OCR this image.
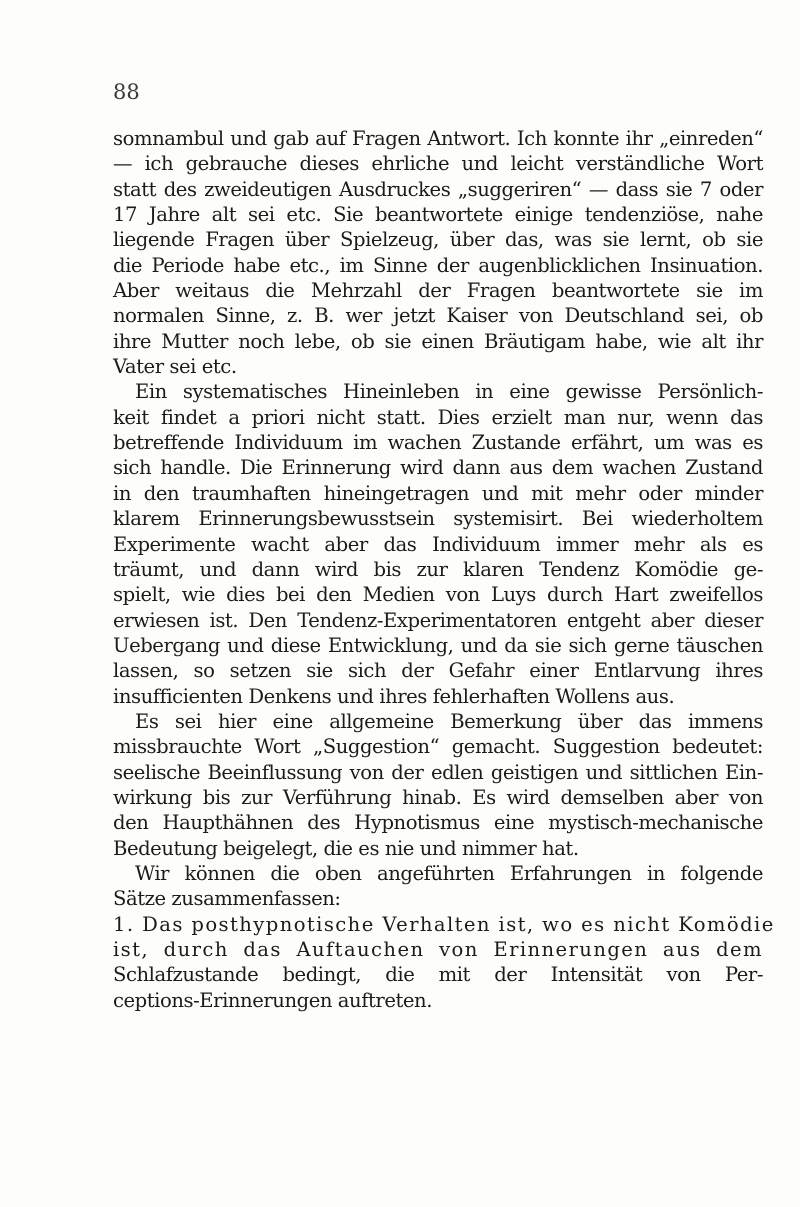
88

somnambul und gab auf Fragen Antwort. Ich konnte ihr „einreden“
— ich gebrauche dieses ehrliche und leicht verständliche Wort
statt des zweideutigen Ausdruckes „suggeriren“ — dass sie 7 oder
17 Jahre alt sei etc. Sie beantwortete einige tendenziöse, nahe
liegende Fragen über Spielzeug, über das, was sie lernt, ob sie
die Periode habe etc., im Sinne der augenblicklichen Insinuation.
Aber weitaus die Mehrzahl der Fragen beantwortete sie im
normalen Sinne, z. B. wer jetzt Kaiser von Deutschland sei, ob
ihre Mutter noch lebe, ob sie einen Bräutigam habe, wie alt ihr
Vater sei etc.
Ein systematisches Hineinleben in eine gewisse Persönlich-
keit findet a priori nicht statt. Dies erzielt man nur, wenn das
betreffende Individuum im wachen Zustande erfährt, um was es
sich handle. Die Erinnerung wird dann aus dem wachen Zustand
in den traumhaften hineingetragen und mit mehr oder minder
klarem Erinnerungsbewusstsein systemisirt. Bei wiederholtem
Experimente wacht aber das Individuum immer mehr als es
träumt, und dann wird bis zur klaren Tendenz Komödie ge-
spielt, wie dies bei den Medien von Luys durch Hart zweifellos
erwiesen ist. Den Tendenz-Experimentatoren entgeht aber dieser
Uebergang und diese Entwicklung, und da sie sich gerne täuschen
lassen, so setzen sie sich der Gefahr einer Entlarvung ihres
insufficienten Denkens und ihres fehlerhaften Wollens aus.
Es sei hier eine allgemeine Bemerkung über das immens
missbrauchte Wort „Suggestion“ gemacht. Suggestion bedeutet:
seelische Beeinflussung von der edlen geistigen und sittlichen Ein-
wirkung bis zur Verführung hinab. Es wird demselben aber von
den Haupthähnen des Hypnotismus eine mystisch-mechanische
Bedeutung beigelegt, die es nie und nimmer hat.
Wir können die oben angeführten Erfahrungen in folgende
Sätze zusammenfassen:
1. Das posthypnotische Verhalten ist, wo es nicht Komödie
ist, durch das Auftauchen von Erinnerungen aus dem
Schlafzustande bedingt, die mit der Intensität von Per-
ceptions-Erinnerungen auftreten.
